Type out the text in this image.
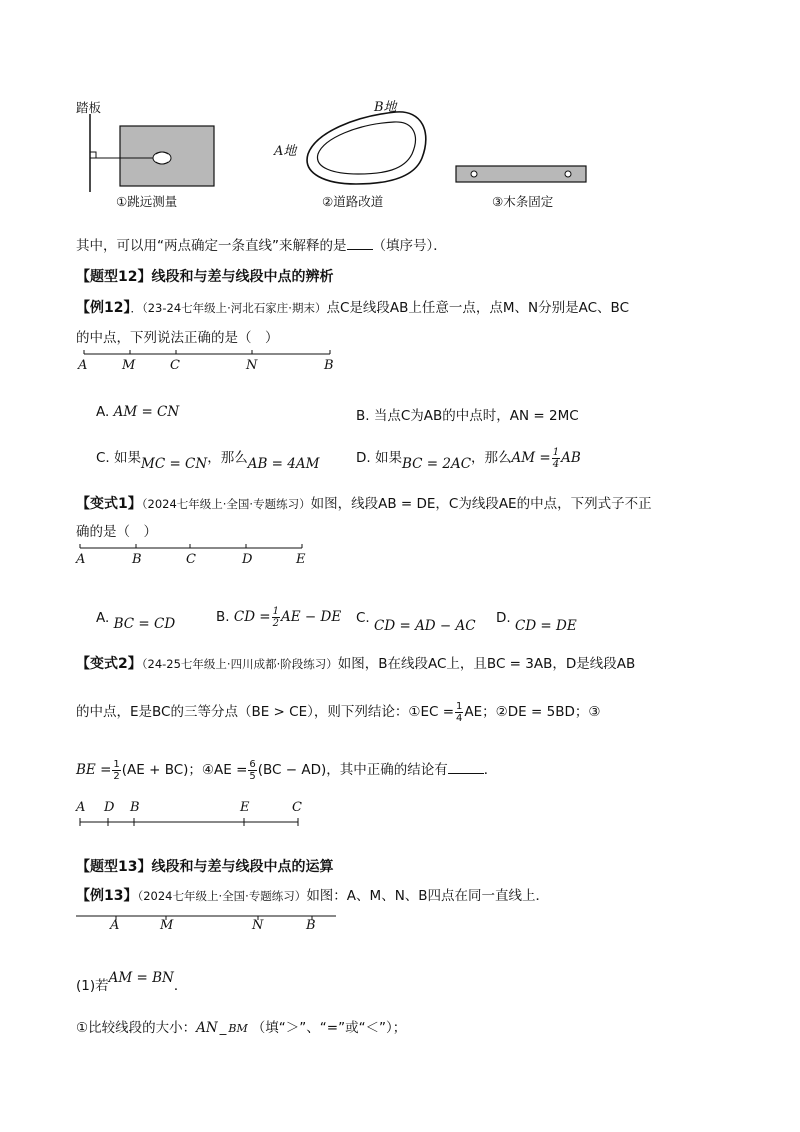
踏板
①跳远测量
A地
B地
②道路改道	③木条固定
其中，可以用“两点确定一条直线”来解释的是 （填序号）．
【题型12】线段和与差与线段中点的辨析
【例12】．（23-24七年级上·河北石家庄·期末）点C是线段AB上任意一点，点M、N分别是AC、BC
的中点，下列说法正确的是（　）
A	M	C	N	B
A. AM = CN	B. 当点C为AB的中点时，AN = 2MC
C. 如果MC = CN，那么AB = 4AM	D. 如果BC = 2AC，那么AM = $\frac{1}{4}$ AB
【变式1】（2024七年级上·全国·专题练习）如图，线段AB = DE，C为线段AE的中点，下列式子不正
确的是（　）
A	B	C	D	E
A. BC = CD	B. CD = $\frac{1}{2}$ AE − DE C. CD = AD − AC D. CD = DE
【变式2】（24-25七年级上·四川成都·阶段练习）如图，B在线段AC上，且BC = 3AB，D是线段AB
的中点，E是BC的三等分点（BE > CE），则下列结论：①EC = $\frac{1}{4}$ AE；②DE = 5BD；③
BE = $\frac{1}{2} (AE + BC)$；④AE = $\frac{6}{5} (BC - AD)$，其中正确的结论有	．
A D B	E	C
【题型13】线段和与差与线段中点的运算
【例13】（2024七年级上·全国·专题练习）如图：A、M、N、B四点在同一直线上．
A	M	N	B
(1)若AM = BN．
①比较线段的大小：AN _ BM （填“＞”、“=”或“＜”）；
